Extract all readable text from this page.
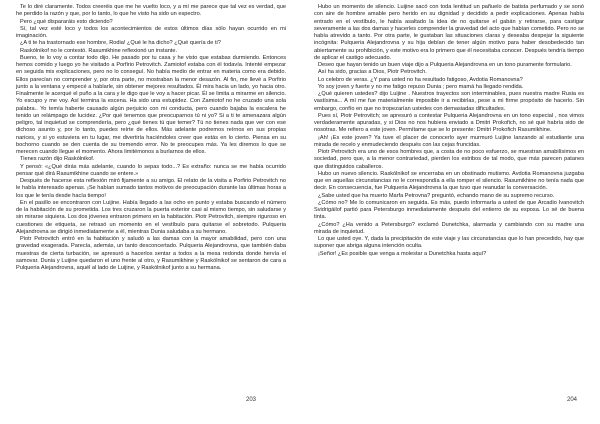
Te lo diré claramente. Todos creeréis que me he vuelto loco, y a mí me parece que tal vez es verdad, que he perdido la razón y que, por lo tanto, lo que he visto ha sido un espectro.

Pero ¿qué dispararáis esto diciendo?

Sí, tal vez esté loco y todos los acontecimientos de estos últimos días sólo hayan ocurrido en mi imaginación.

¿A ti te ha trastornado ese hombre, Rodia! ¿Qué le ha dicho? ¿Qué quería de ti?

Raskólnikof no le contestó. Rasumikhine reflexionó un instante.

Bueno, te lo voy a contar todo dijo. He pasado por tu casa y he visto que estabas durmiendo. Entonces hemos comido y luego yo he visitado a Porfirio Petrovitch. Zamiotof estaba con él todavía. Intenté empezar en seguida mis explicaciones, pero no lo conseguí. No había medio de entrar en materia como era debido. Ellos parecían no comprender y, por otra parte, no mostraban la menor desazón. Al fin, me llevé a Porfirio junto a la ventana y empecé a hablarle, sin obtener mejores resultados. Él mira hacia un lado, yo hacia otro. Finalmente le acerqué el puño a la cara y le digo que le voy a hacer picar. Él se limita a mirarme en silencio. Yo escupo y me voy. Así termina la escena. Ha sido una estupidez. Con Zamiotof no he cruzado una sola palabra.. Yo temía haberte causado algún perjuicio con mi conducta, pero cuando bajaba la escalera he tenido un relámpago de lucidez. ¿Por qué tenemos que preocuparnos tú ni yo? Si a ti te amenazara algún peligro, tal inquietud se comprendería, pero ¿qué tienes tú que temer? Tú no tienes nada que ver con ese dichoso asunto y, por lo tanto, puedes reírte de ellos. Más adelante podremos reírnos en sus propias narices, y si yo estuviera en tu lugar, me divertiría haciéndoles creer que estás en lo cierto. Piensa en su bochorno cuando se den cuenta de su tremendo error. No te preocupes más. Ya les diremos lo que se merecen cuando llegue el momento. Ahora limitémonos a burlarnos de ellos.

Tienes razón dijo Raskólnikof.

Y pensó: «¿Qué dirás más adelante, cuando lo sepas todo...? Es extraño: nunca se me había ocurrido pensar qué dirá Rasumikhine cuando se entere.»

Después de hacerse esta reflexión miró fijamente a su amigo. El relato de la visita a Porfirio Petrovitch no le había interesado apenas. ¡Se habían sumado tantos motivos de preocupación durante las últimas horas a los que le tenía desde hacía tiempo!

En el pasillo se encontraron con Luijine. Había llegado a las ocho en punto y estaba buscando el número de la habitación de su prometida. Los tres cruzaron la puerta exterior casi al mismo tiempo, sin saludarse y sin mirarse siquiera. Los dos jóvenes entraron primero en la habitación. Piotr Petrovitch, siempre riguroso en cuestiones de etiqueta, se retrasó un momento en el vestíbulo para quitarse el sobretodo. Pulqueria Alejandrovna se dirigió inmediatamente a él, mientras Dunia saludaba a su hermano.

Piotr Petrovitch entró en la habitación y saludó a las damas con la mayor amabilidad, pero con una gravedad exagerada. Parecía, además, un tanto desconcertado. Pulqueria Alejandrovna, que también daba muestras de cierta turbación, se apresuró a hacerlos sentar a todos a la mesa redonda donde hervía el samovar. Dunia y Luijine quedaron el uno frente al otro, y Rasumikhine y Raskólnikof se sentaron de cara a Pulqueria Alejandrovna, aquél al lado de Luijine, y Raskólnikof junto a su hermana.

Hubo un momento de silencio. Luijine sacó con toda lentitud un pañuelo de batista perfumado y se sonó con aire de hombre amable pero herido en su dignidad y decidido a pedir explicaciones. Apenas había entrado en el vestíbulo, le había asaltado la idea de no quitarse el gabán y retirarse, para castigar severamente a las dos damas y hacerles comprender la gravedad del acto que habían cometido. Pero no se había atrevido a tanto. Por otra parte, le gustaban las situaciones claras y deseaba despejar la siguiente incógnita: Pulqueria Alejandrovna y su hija debían de tener algún motivo para haber desobedecido tan abiertamente su prohibición, y este motivo era lo primero que él necesitaba conocer. Después tendría tiempo de aplicar el castigo adecuado.

Deseo que hayan tenido un buen viaje dijo a Pulqueria Alejandrovna en un tono puramente formulario.

Así ha sido, gracias a Dios, Piotr Petrovitch.

Lo celebro de veras. ¿Y para usted no ha resultado fatigoso, Avdotia Romanovna?

Yo soy joven y fuerte y no me fatigo repuso Dunia ; pero mamá ha llegado rendida.

¿Qué quieren ustedes? dijo Luijine . Nuestros trayectos son interminables, pues nuestra madre Rusia es vastísima... A mí me fue materialmente imposible ir a recibirlas, pese a mi firme propósito de hacerlo. Sin embargo, confío en que no tropezarían ustedes con demasiadas dificultades.

Pues sí, Piotr Petrovitch; se apresuró a contestar Pulqueria Alejandrovna en un tono especial , nos vimos verdaderamente apuradas, y si Dios no nos hubiera enviado a Dmitri Prokofich, no sé qué habría sido de nosotras. Me refiero a este joven. Permítame que se lo presente: Dmitri Prokofich Rasumikhine.

¡Ah! ¡Es este joven? Ya tuve el placer de conocerlo ayer murmuró Luijine lanzando al estudiante una mirada de recelo y enmudeciendo después con las cejas fruncidas.

Piotr Petrovitch era uno de esos hombres que, a costa de no poco esfuerzo, se muestran amabilísimos en sociedad, pero que, a la menor contrariedad, pierden los estribos de tal modo, que más parecen patanes que distinguidos caballeros.

Hubo un nuevo silencio. Raskólnikof se encerraba en un obstinado mutismo. Avdotia Romanovna juzgaba que en aquellas circunstancias no le correspondía a ella romper el silencio. Rasumikhine no tenía nada que decir. En consecuencia, fue Pulqueria Alejandrovna la que tuvo que reanudar la conversación.

¿Sabe usted que ha muerto Marfa Petrovna? preguntó, echando mano de su supremo recurso.

¿Cómo no? Me lo comunicaron en seguida. Es más, puedo informarla a usted de que Arcadio Ivanovitch Svidrigáilof partió para Petersburgo inmediatamente después del entierro de su esposa. Lo sé de buena tinta.

¿Cómo? ¿Ha venido a Petersburgo? exclamó Dunetchka, alarmada y cambiando con su madre una mirada de inquietud.

Lo que usted oye. Y, dada la precipitación de este viaje y las circunstancias que lo han precedido, hay que suponer que abriga alguna intención oculta.

¡Señor! ¿Es posible que venga a molestar a Dunetchka hasta aquí?

203	204
